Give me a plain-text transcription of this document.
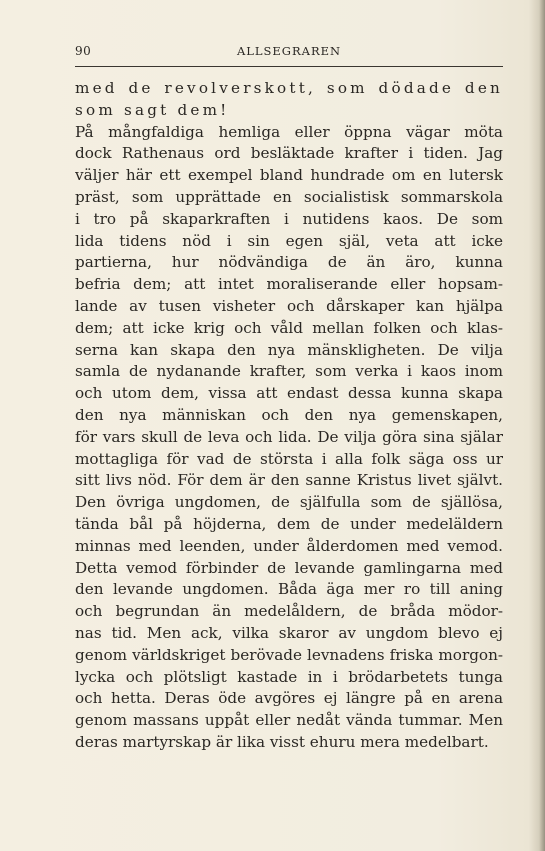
90	ALLSEGRAREN
med de revolverskott, som dödade den
som sagt dem!
På mångfaldiga hemliga eller öppna vägar möta
dock Rathenaus ord besläktade krafter i tiden. Jag
väljer här ett exempel bland hundrade om en lutersk
präst, som upprättade en socialistisk sommarskola
i tro på skaparkraften i nutidens kaos. De som
lida tidens nöd i sin egen själ, veta att icke
partierna, hur nödvändiga de än äro, kunna
befria dem; att intet moraliserande eller hopsam-
lande av tusen visheter och dårskaper kan hjälpa
dem; att icke krig och våld mellan folken och klas-
serna kan skapa den nya mänskligheten. De vilja
samla de nydanande krafter, som verka i kaos inom
och utom dem, vissa att endast dessa kunna skapa
den nya människan och den nya gemenskapen,
för vars skull de leva och lida. De vilja göra sina själar
mottagliga för vad de största i alla folk säga oss ur
sitt livs nöd. För dem är den sanne Kristus livet självt.
Den övriga ungdomen, de själfulla som de själlösa,
tända bål på höjderna, dem de under medeläldern
minnas med leenden, under ålderdomen med vemod.
Detta vemod förbinder de levande gamlingarna med
den levande ungdomen. Båda äga mer ro till aning
och begrundan än medelåldern, de bråda mödor-
nas tid. Men ack, vilka skaror av ungdom blevo ej
genom världskriget berövade levnadens friska morgon-
lycka och plötsligt kastade in i brödarbetets tunga
och hetta. Deras öde avgöres ej längre på en arena
genom massans uppåt eller nedåt vända tummar. Men
deras martyrskap är lika visst ehuru mera medelbart.
